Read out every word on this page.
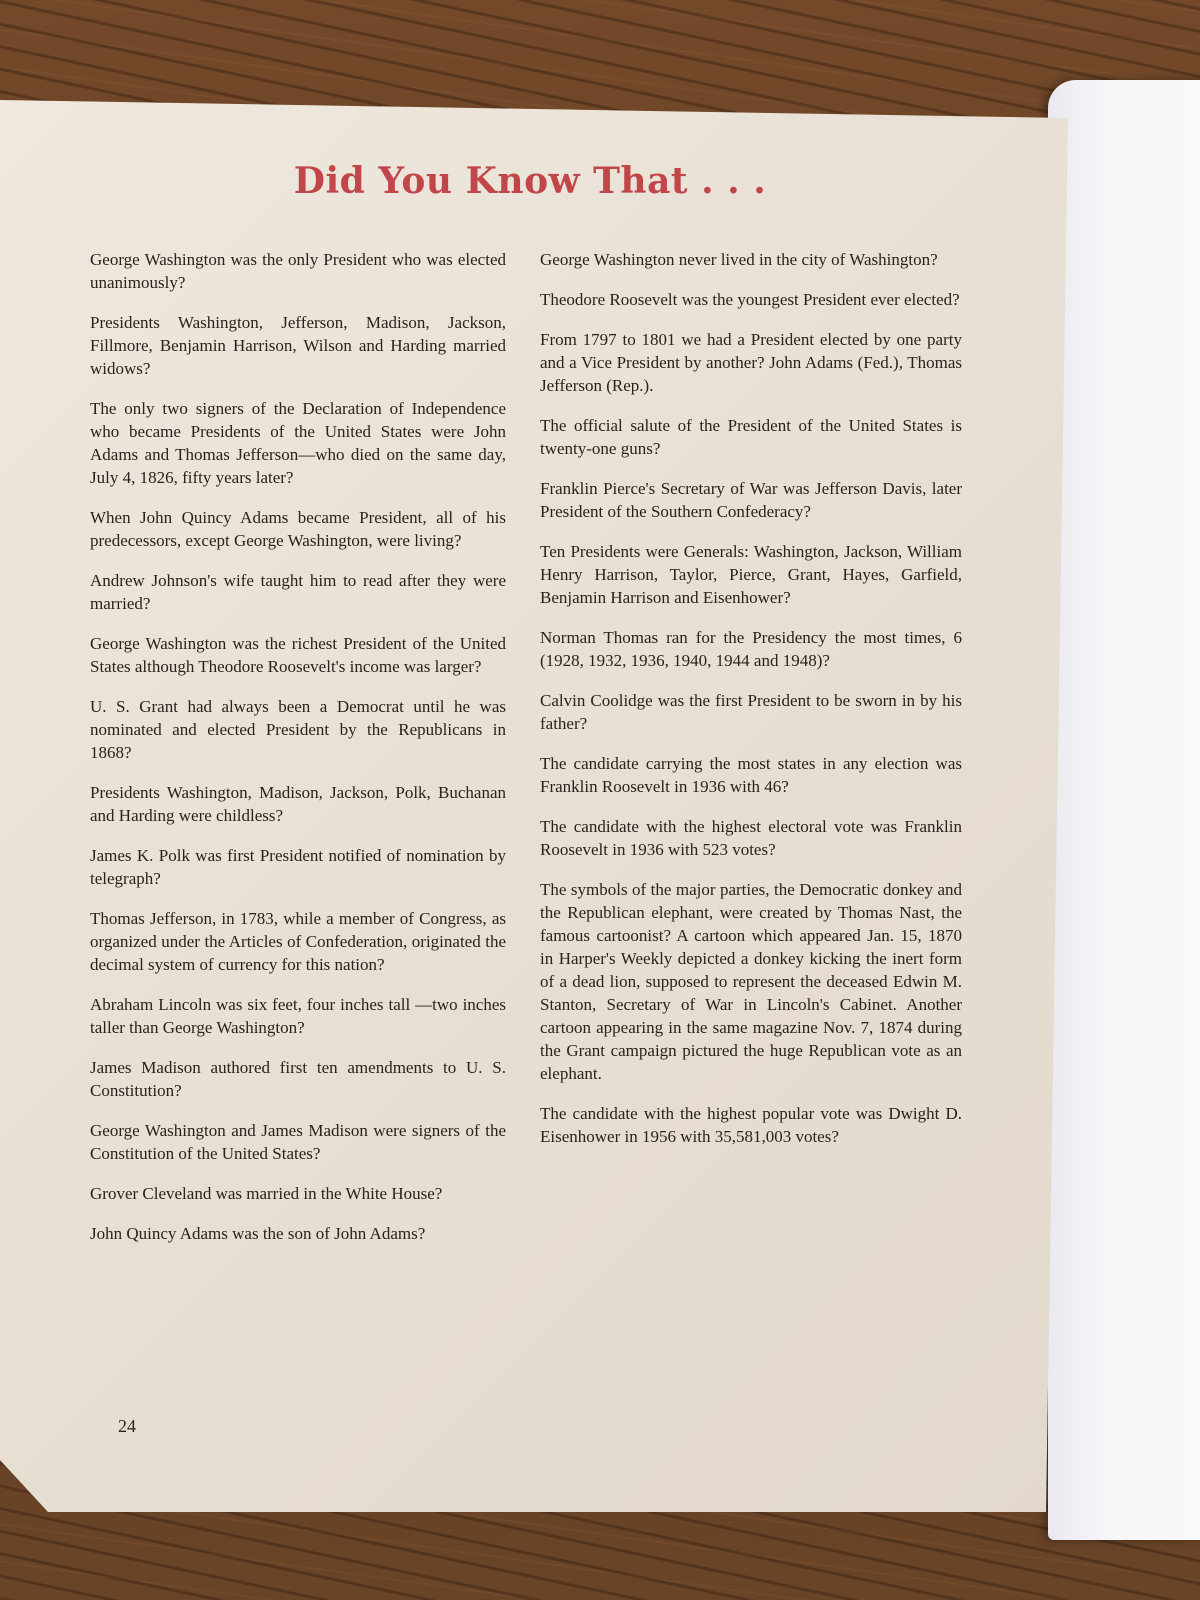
Did You Know That . . .

George Washington was the only President who was elected unanimously?

Presidents Washington, Jefferson, Madison, Jackson, Fillmore, Benjamin Harrison, Wilson and Harding married widows?

The only two signers of the Declaration of Independence who became Presidents of the United States were John Adams and Thomas Jefferson—who died on the same day, July 4, 1826, fifty years later?

When John Quincy Adams became President, all of his predecessors, except George Washington, were living?

Andrew Johnson's wife taught him to read after they were married?

George Washington was the richest President of the United States although Theodore Roosevelt's income was larger?

U. S. Grant had always been a Democrat until he was nominated and elected President by the Republicans in 1868?

Presidents Washington, Madison, Jackson, Polk, Buchanan and Harding were childless?

James K. Polk was first President notified of nomination by telegraph?

Thomas Jefferson, in 1783, while a member of Congress, as organized under the Articles of Confederation, originated the decimal system of currency for this nation?

Abraham Lincoln was six feet, four inches tall —two inches taller than George Washington?

James Madison authored first ten amendments to U. S. Constitution?

George Washington and James Madison were signers of the Constitution of the United States?

Grover Cleveland was married in the White House?

John Quincy Adams was the son of John Adams?

George Washington never lived in the city of Washington?

Theodore Roosevelt was the youngest President ever elected?

From 1797 to 1801 we had a President elected by one party and a Vice President by another? John Adams (Fed.), Thomas Jefferson (Rep.).

The official salute of the President of the United States is twenty-one guns?

Franklin Pierce's Secretary of War was Jefferson Davis, later President of the Southern Confederacy?

Ten Presidents were Generals: Washington, Jackson, William Henry Harrison, Taylor, Pierce, Grant, Hayes, Garfield, Benjamin Harrison and Eisenhower?

Norman Thomas ran for the Presidency the most times, 6 (1928, 1932, 1936, 1940, 1944 and 1948)?

Calvin Coolidge was the first President to be sworn in by his father?

The candidate carrying the most states in any election was Franklin Roosevelt in 1936 with 46?

The candidate with the highest electoral vote was Franklin Roosevelt in 1936 with 523 votes?

The symbols of the major parties, the Democratic donkey and the Republican elephant, were created by Thomas Nast, the famous cartoonist? A cartoon which appeared Jan. 15, 1870 in Harper's Weekly depicted a donkey kicking the inert form of a dead lion, supposed to represent the deceased Edwin M. Stanton, Secretary of War in Lincoln's Cabinet. Another cartoon appearing in the same magazine Nov. 7, 1874 during the Grant campaign pictured the huge Republican vote as an elephant.

The candidate with the highest popular vote was Dwight D. Eisenhower in 1956 with 35,581,003 votes?

24
